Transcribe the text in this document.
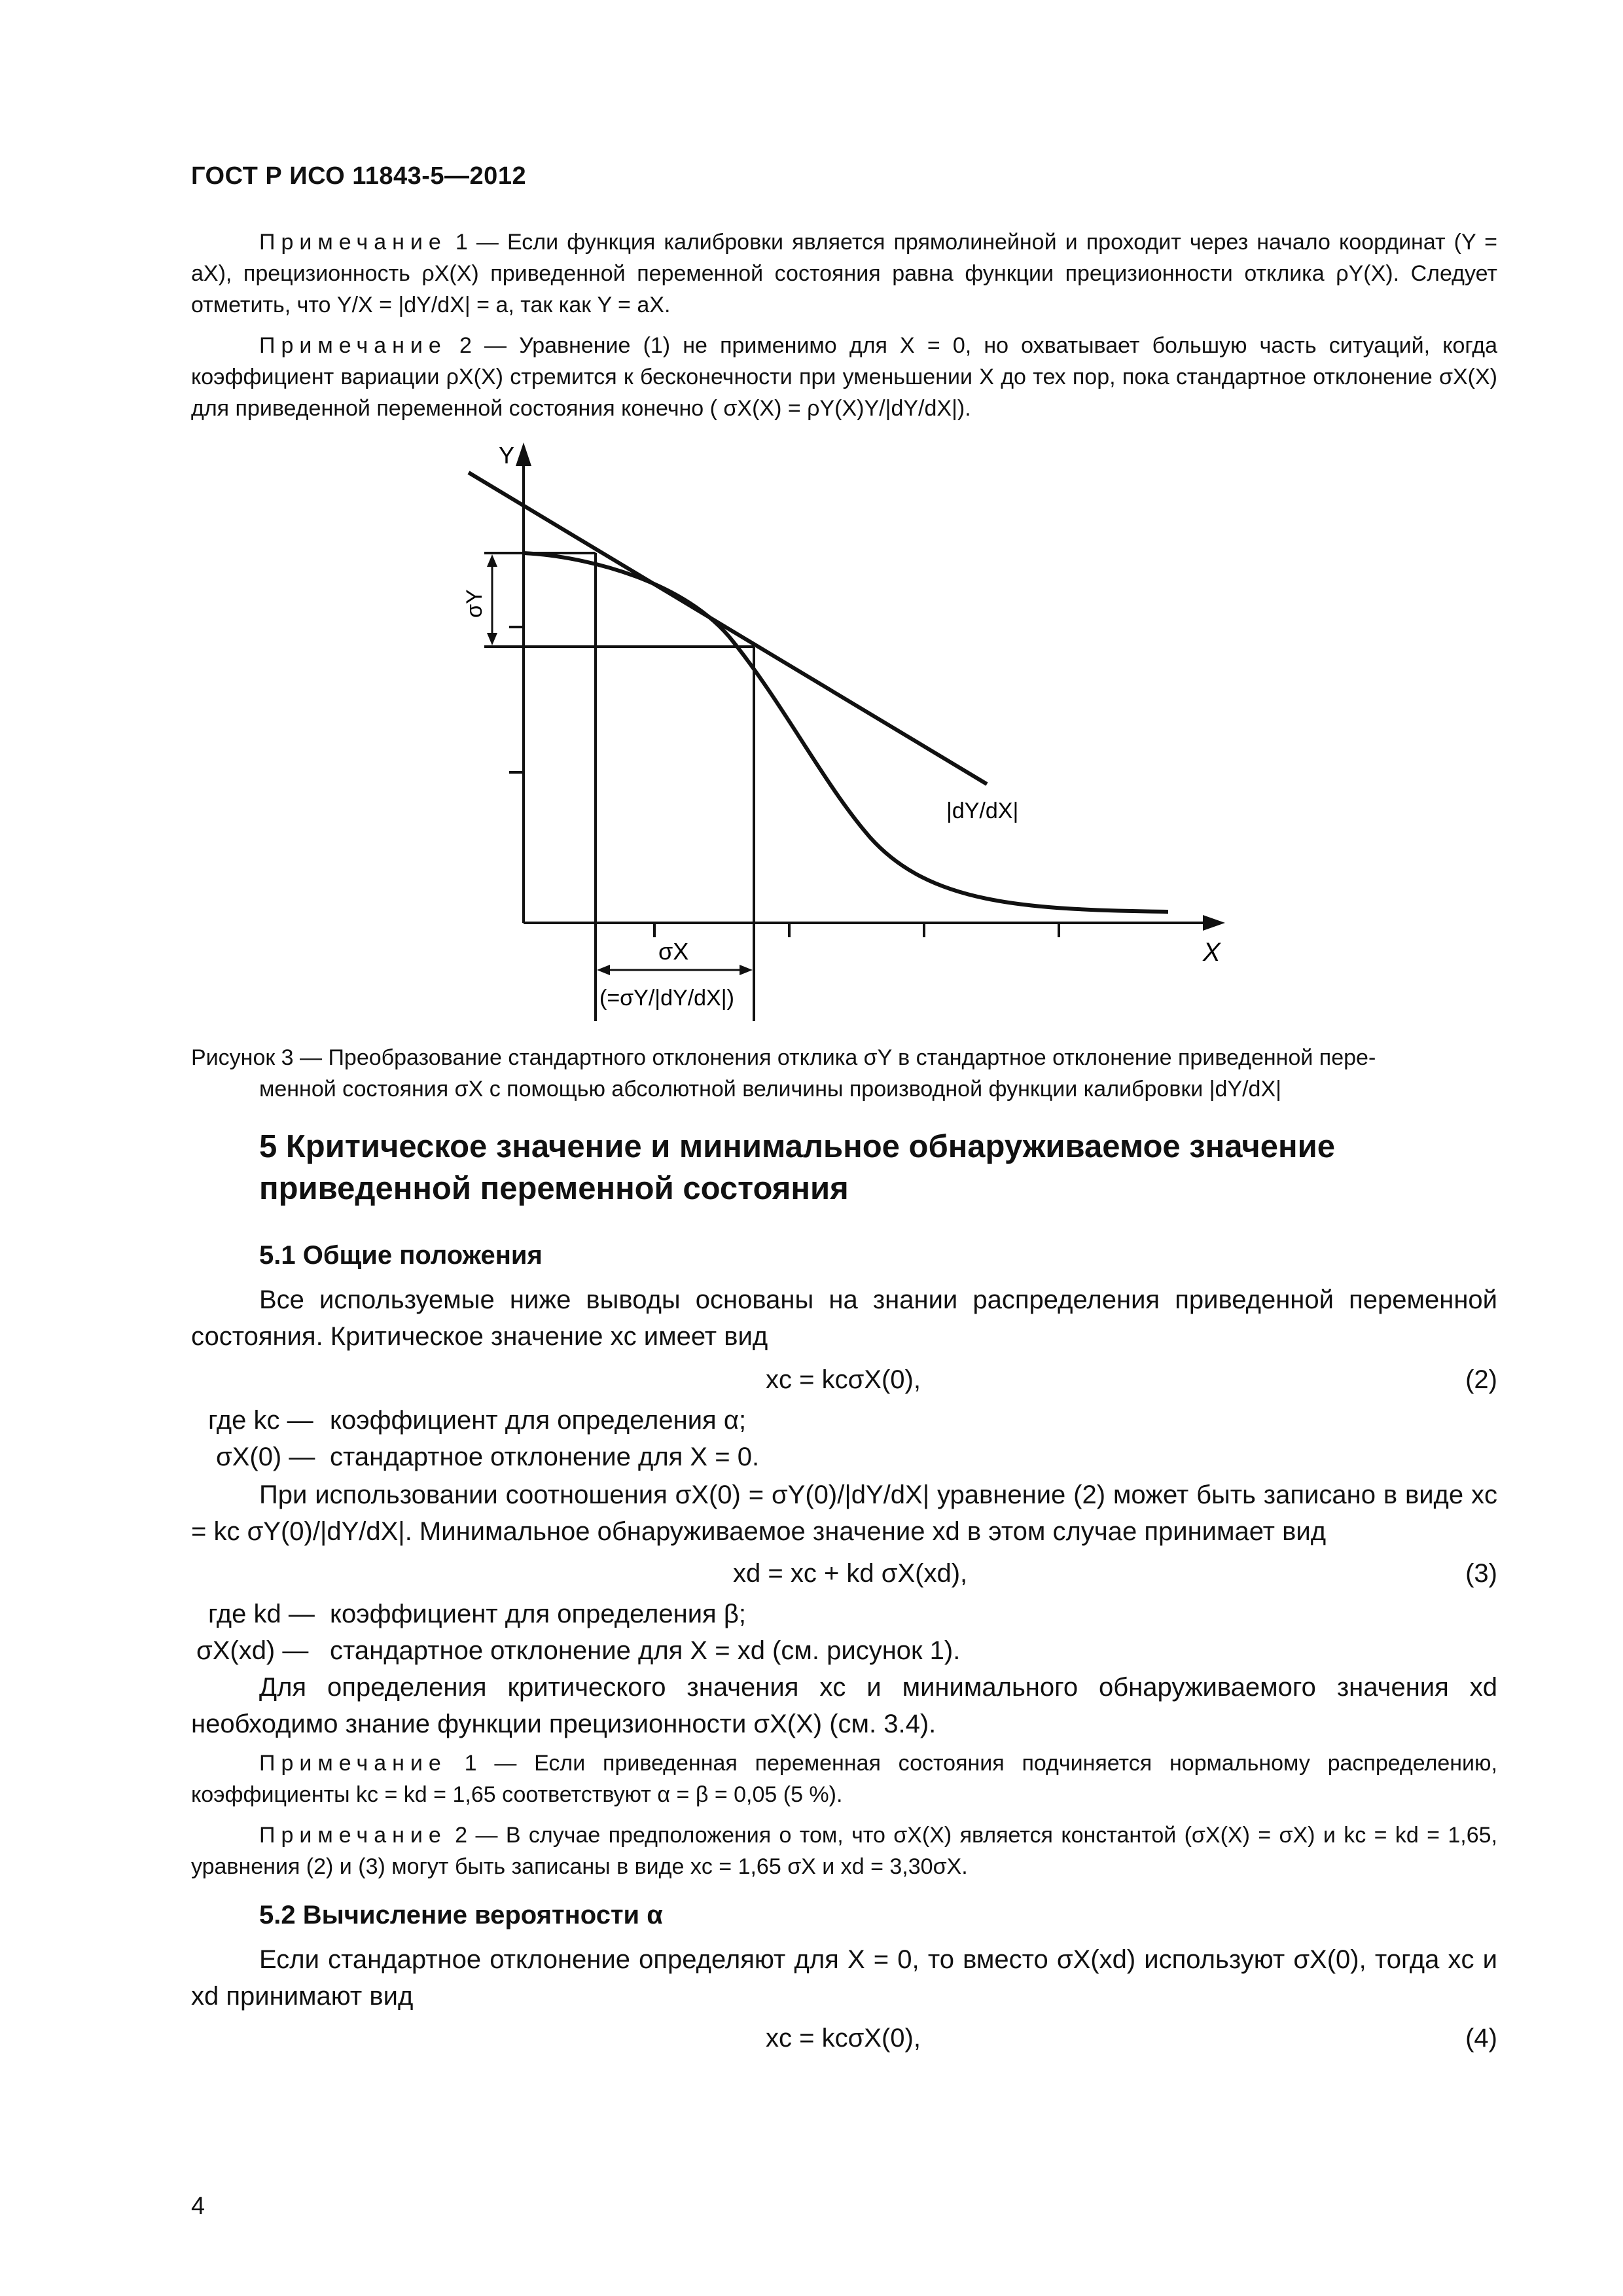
ГОСТ Р ИСО 11843-5—2012

Примечание 1 — Если функция калибровки является прямолинейной и проходит через начало координат (Y = aX), прецизионность ρX(X) приведенной переменной состояния равна функции прецизионности отклика ρY(X). Следует отметить, что Y/X = |dY/dX| = a, так как Y = aX.

Примечание 2 — Уравнение (1) не применимо для X = 0, но охватывает большую часть ситуаций, когда коэффициент вариации ρX(X) стремится к бесконечности при уменьшении X до тех пор, пока стандартное отклонение σX(X) для приведенной переменной состояния конечно ( σX(X) = ρY(X)Y/|dY/dX|).

Y
X
σY
σX
(=σY/|dY/dX|)
|dY/dX|
Рисунок 3 — Преобразование стандартного отклонения отклика σY в стандартное отклонение приведенной пере-
менной состояния σX с помощью абсолютной величины производной функции калибровки |dY/dX|
5 Критическое значение и минимальное обнаруживаемое значение
приведенной переменной состояния
5.1 Общие положения

Все используемые ниже выводы основаны на знании распределения приведенной переменной состояния. Критическое значение xc имеет вид

xc = kcσX(0),	(2)
где kc — коэффициент для определения α;
σX(0) — стандартное отклонение для X = 0.

При использовании соотношения σX(0) = σY(0)/|dY/dX| уравнение (2) может быть записано в виде xc = kc σY(0)/|dY/dX|. Минимальное обнаруживаемое значение xd в этом случае принимает вид

xd = xc + kd σX(xd),	(3)
где kd — коэффициент для определения β;
σX(xd) — стандартное отклонение для X = xd (см. рисунок 1).

Для определения критического значения xc и минимального обнаруживаемого значения xd необходимо знание функции прецизионности σX(X) (см. 3.4).

Примечание 1 — Если приведенная переменная состояния подчиняется нормальному распределению, коэффициенты kc = kd = 1,65 соответствуют α = β = 0,05 (5 %).

Примечание 2 — В случае предположения о том, что σX(X) является константой (σX(X) = σX) и kc = kd = 1,65, уравнения (2) и (3) могут быть записаны в виде xc = 1,65 σX и xd = 3,30σX.

5.2 Вычисление вероятности α

Если стандартное отклонение определяют для X = 0, то вместо σX(xd) используют σX(0), тогда xc и xd принимают вид

xc = kcσX(0),	(4)
4
